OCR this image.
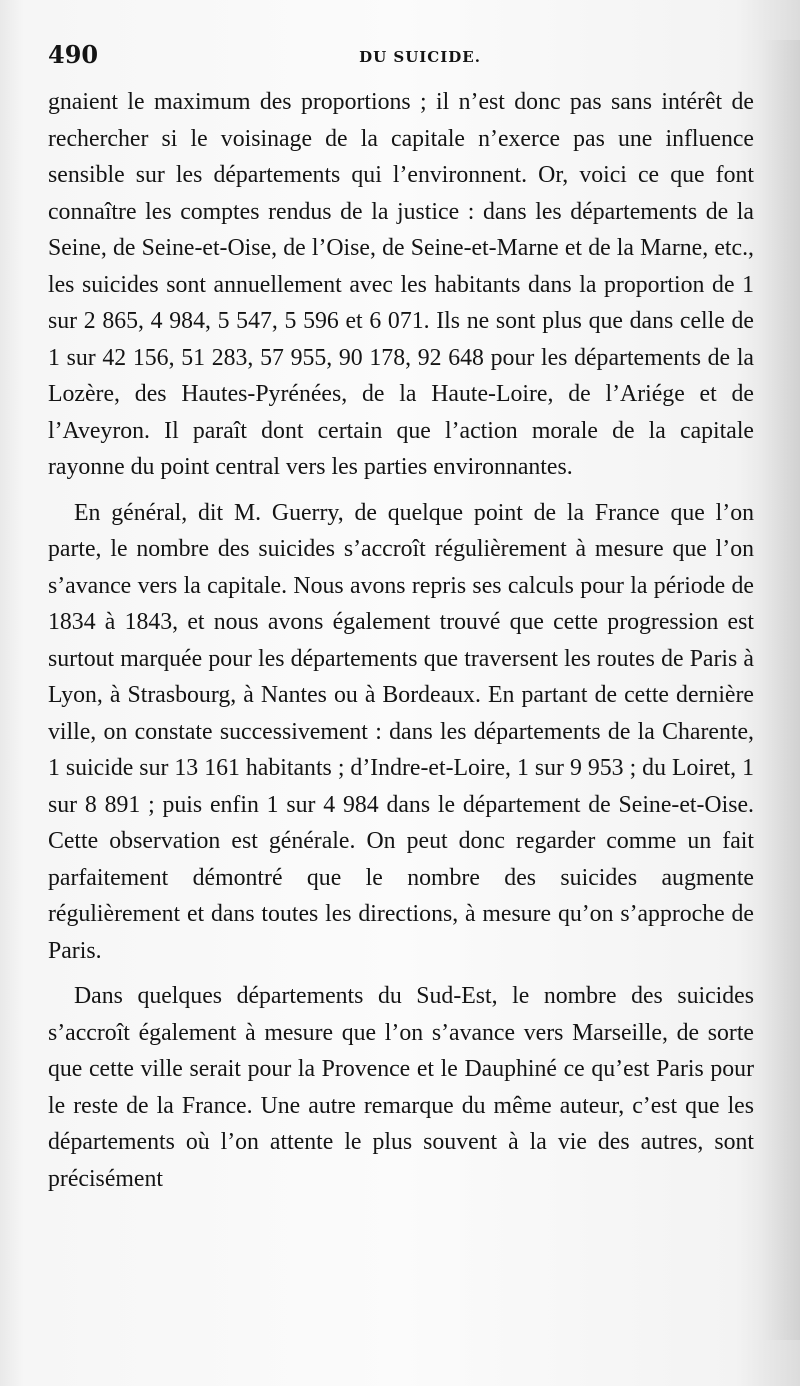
490	DU SUICIDE.

gnaient le maximum des proportions ; il n’est donc pas sans intérêt de rechercher si le voisinage de la capitale n’exerce pas une influence sensible sur les départements qui l’environnent. Or, voici ce que font connaître les comptes rendus de la justice : dans les départements de la Seine, de Seine-et-Oise, de l’Oise, de Seine-et-Marne et de la Marne, etc., les suicides sont annuellement avec les habitants dans la proportion de 1 sur 2 865, 4 984, 5 547, 5 596 et 6 071. Ils ne sont plus que dans celle de 1 sur 42 156, 51 283, 57 955, 90 178, 92 648 pour les départements de la Lozère, des Hautes-Pyrénées, de la Haute-Loire, de l’Ariége et de l’Aveyron. Il paraît dont certain que l’action morale de la capitale rayonne du point central vers les parties environnantes.

En général, dit M. Guerry, de quelque point de la France que l’on parte, le nombre des suicides s’accroît régulièrement à mesure que l’on s’avance vers la capitale. Nous avons repris ses calculs pour la période de 1834 à 1843, et nous avons également trouvé que cette progression est surtout marquée pour les départements que traversent les routes de Paris à Lyon, à Strasbourg, à Nantes ou à Bordeaux. En partant de cette dernière ville, on constate successivement : dans les départements de la Charente, 1 suicide sur 13 161 habitants ; d’Indre-et-Loire, 1 sur 9 953 ; du Loiret, 1 sur 8 891 ; puis enfin 1 sur 4 984 dans le département de Seine-et-Oise. Cette observation est générale. On peut donc regarder comme un fait parfaitement démontré que le nombre des suicides augmente régulièrement et dans toutes les directions, à mesure qu’on s’approche de Paris.

Dans quelques départements du Sud-Est, le nombre des suicides s’accroît également à mesure que l’on s’avance vers Marseille, de sorte que cette ville serait pour la Provence et le Dauphiné ce qu’est Paris pour le reste de la France. Une autre remarque du même auteur, c’est que les départements où l’on attente le plus souvent à la vie des autres, sont précisément
